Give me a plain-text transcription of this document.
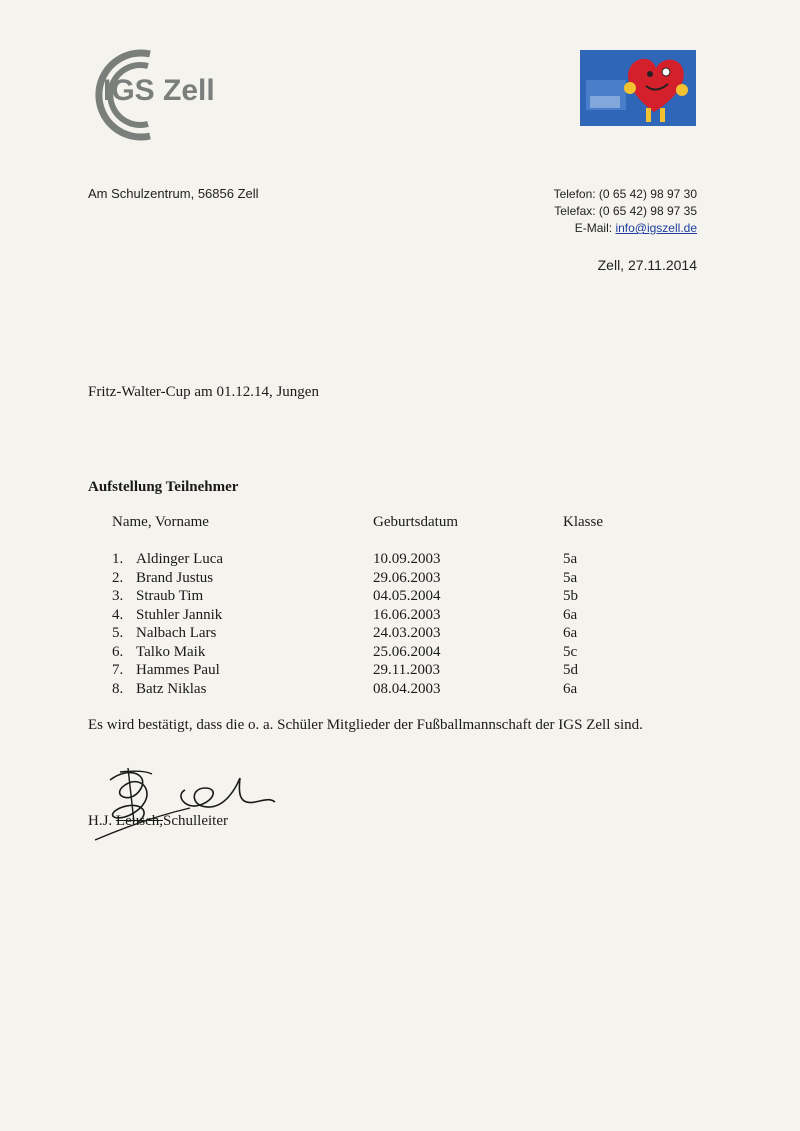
IGS Zell
Am Schulzentrum, 56856 Zell	Telefon: (0 65 42) 98 97 30
Telefax: (0 65 42) 98 97 35
E-Mail: info@igszell.de
Zell, 27.11.2014
Fritz-Walter-Cup am 01.12.14, Jungen
Aufstellung Teilnehmer
Name, Vorname	Geburtsdatum	Klasse
1. Aldinger Luca	10.09.2003	5a
2. Brand Justus	29.06.2003	5a
3. Straub Tim	04.05.2004	5b
4. Stuhler Jannik	16.06.2003	6a
5. Nalbach Lars	24.03.2003	6a
6. Talko Maik	25.06.2004	5c
7. Hammes Paul	29.11.2003	5d
8. Batz Niklas	08.04.2003	6a
Es wird bestätigt, dass die o. a. Schüler Mitglieder der Fußballmannschaft der IGS Zell sind.
H.J. Leusch,Schulleiter
